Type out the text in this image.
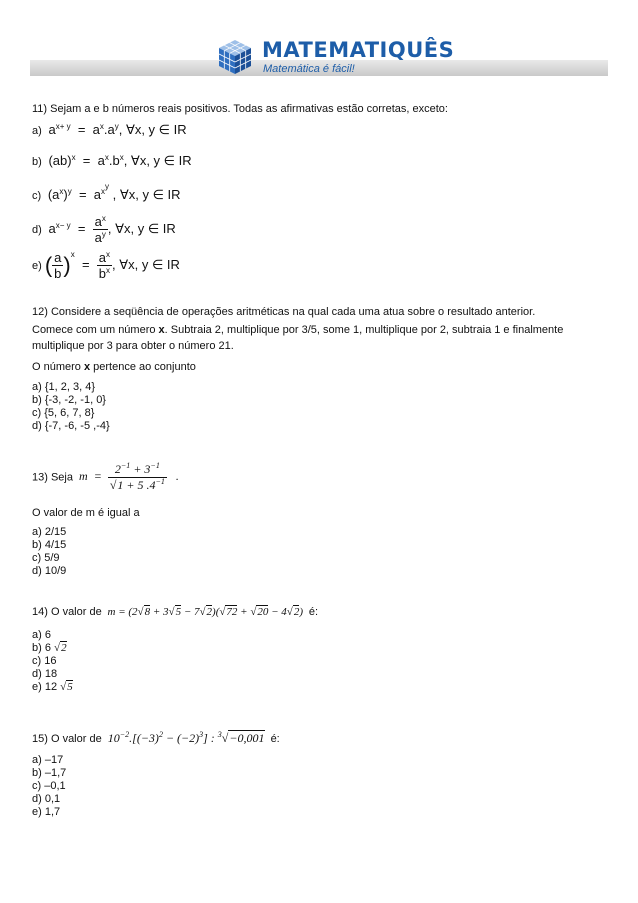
MATEMATIQUÊS
Matemática é fácil!
11) Sejam a e b números reais positivos. Todas as afirmativas estão corretas, exceto:
a)  $a^{x+ y} = a^x.a^y$, ∀x, y ∈ IR
b)  $(ab)^x = a^x.b^x$, ∀x, y ∈ IR
c)  $(a^x)^y = a^{x^y}$ , ∀x, y ∈ IR
d)  $a^{x- y} = \frac{a^x}{a^y}$ , ∀x, y ∈ IR
e) ( $\frac{a}{b} )^x = \frac{a^x}{b^x}$ , ∀x, y ∈ IR
12) Considere a seqüência de operações aritméticas na qual cada uma atua sobre o resultado anterior.
Comece com um número x. Subtraia 2, multiplique por 3/5, some 1, multiplique por 2, subtraia 1 e finalmente
multiplique por 3 para obter o número 21.
O número x pertence ao conjunto
a) {1, 2, 3, 4}
b) {-3, -2, -1, 0}
c) {5, 6, 7, 8}
d) {-7, -6, -5 ,-4}
13) Seja  $m = \frac{2^{-1} + 3^{-1}}{√1 + 5 .4^{-1}}$ .
O valor de m é igual a
a) 2/15
b) 4/15
c) 5/9
d) 10/9
14) O valor de  m = (2√8 + 3√5 − 7√2)(√72 + √20 − 4√2)  é:
a) 6
b) 6 √2
c) 16
d) 18
e) 12 √5
15) O valor de  $10^{-2}.[(-3)^2 - (-2)^3]$ : $^3$√−0,001 é:
a) –17
b) –1,7
c) –0,1
d) 0,1
e) 1,7
